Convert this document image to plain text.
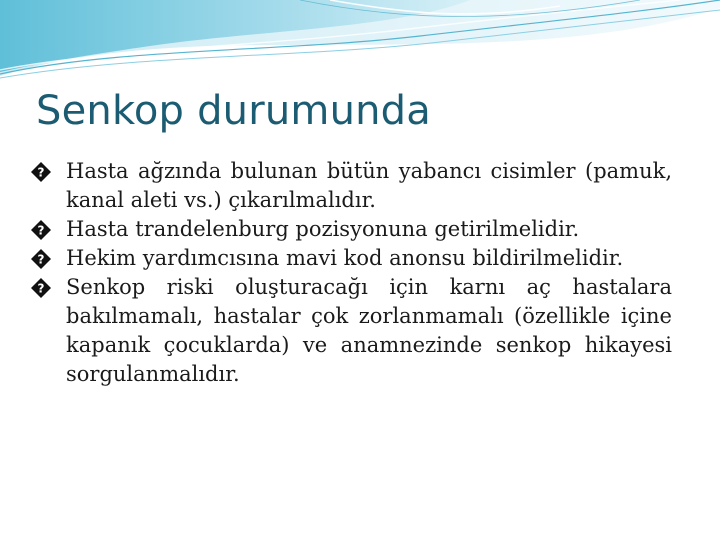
Senkop durumunda
? Hasta ağzında bulunan bütün yabancı cisimler (pamuk, kanal aleti vs.) çıkarılmalıdır.
? Hasta trandelenburg pozisyonuna getirilmelidir.
? Hekim yardımcısına mavi kod anonsu bildirilmelidir.
? Senkop riski oluşturacağı için karnı aç hastalara bakılmamalı, hastalar çok zorlanmamalı (özellikle içine kapanık çocuklarda) ve anamnezinde senkop hikayesi sorgulanmalıdır.
